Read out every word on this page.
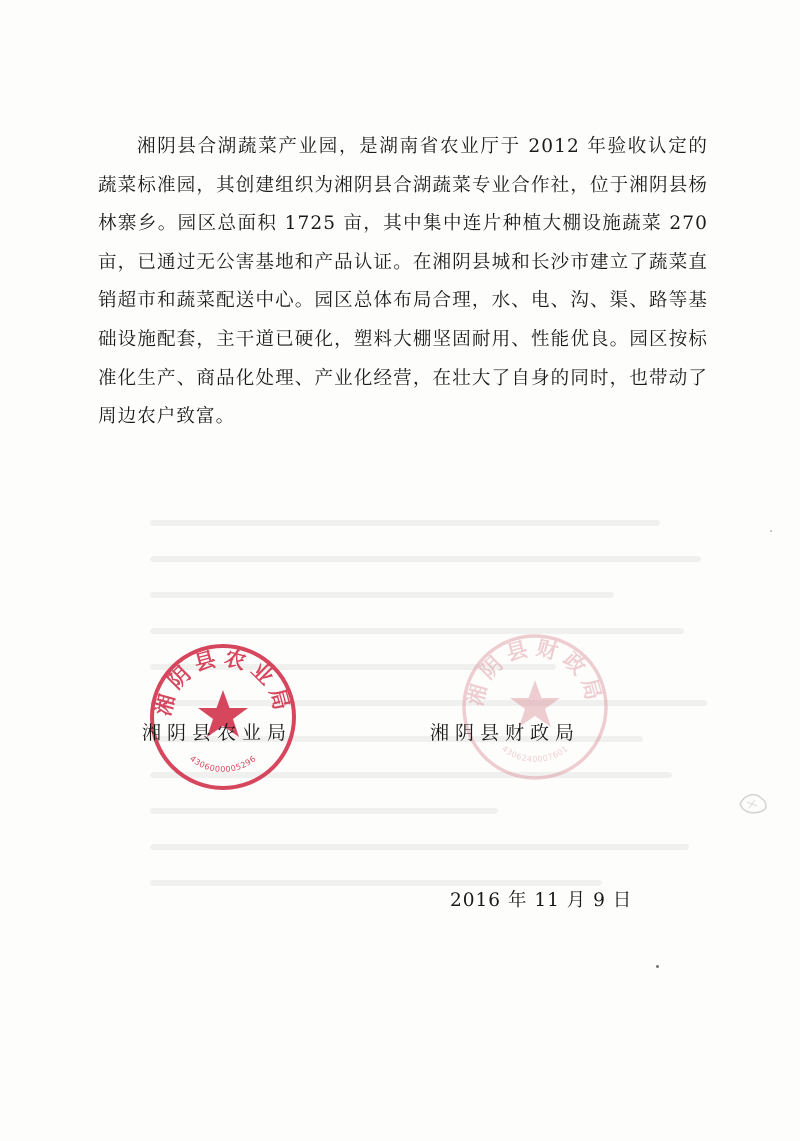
湘阴县合湖蔬菜产业园，是湖南省农业厅于 2012 年验收认定的蔬菜标准园，其创建组织为湘阴县合湖蔬菜专业合作社，位于湘阴县杨林寨乡。园区总面积 1725 亩，其中集中连片种植大棚设施蔬菜 270 亩，已通过无公害基地和产品认证。在湘阴县城和长沙市建立了蔬菜直销超市和蔬菜配送中心。园区总体布局合理，水、电、沟、渠、路等基础设施配套，主干道已硬化，塑料大棚坚固耐用、性能优良。园区按标准化生产、商品化处理、产业化经营，在壮大了自身的同时，也带动了周边农户致富。

湘阴县农业局
4306000005296
湘阴县财政局
4306240007601
湘阴县农业局	湘阴县财政局
2016 年 11 月 9 日
